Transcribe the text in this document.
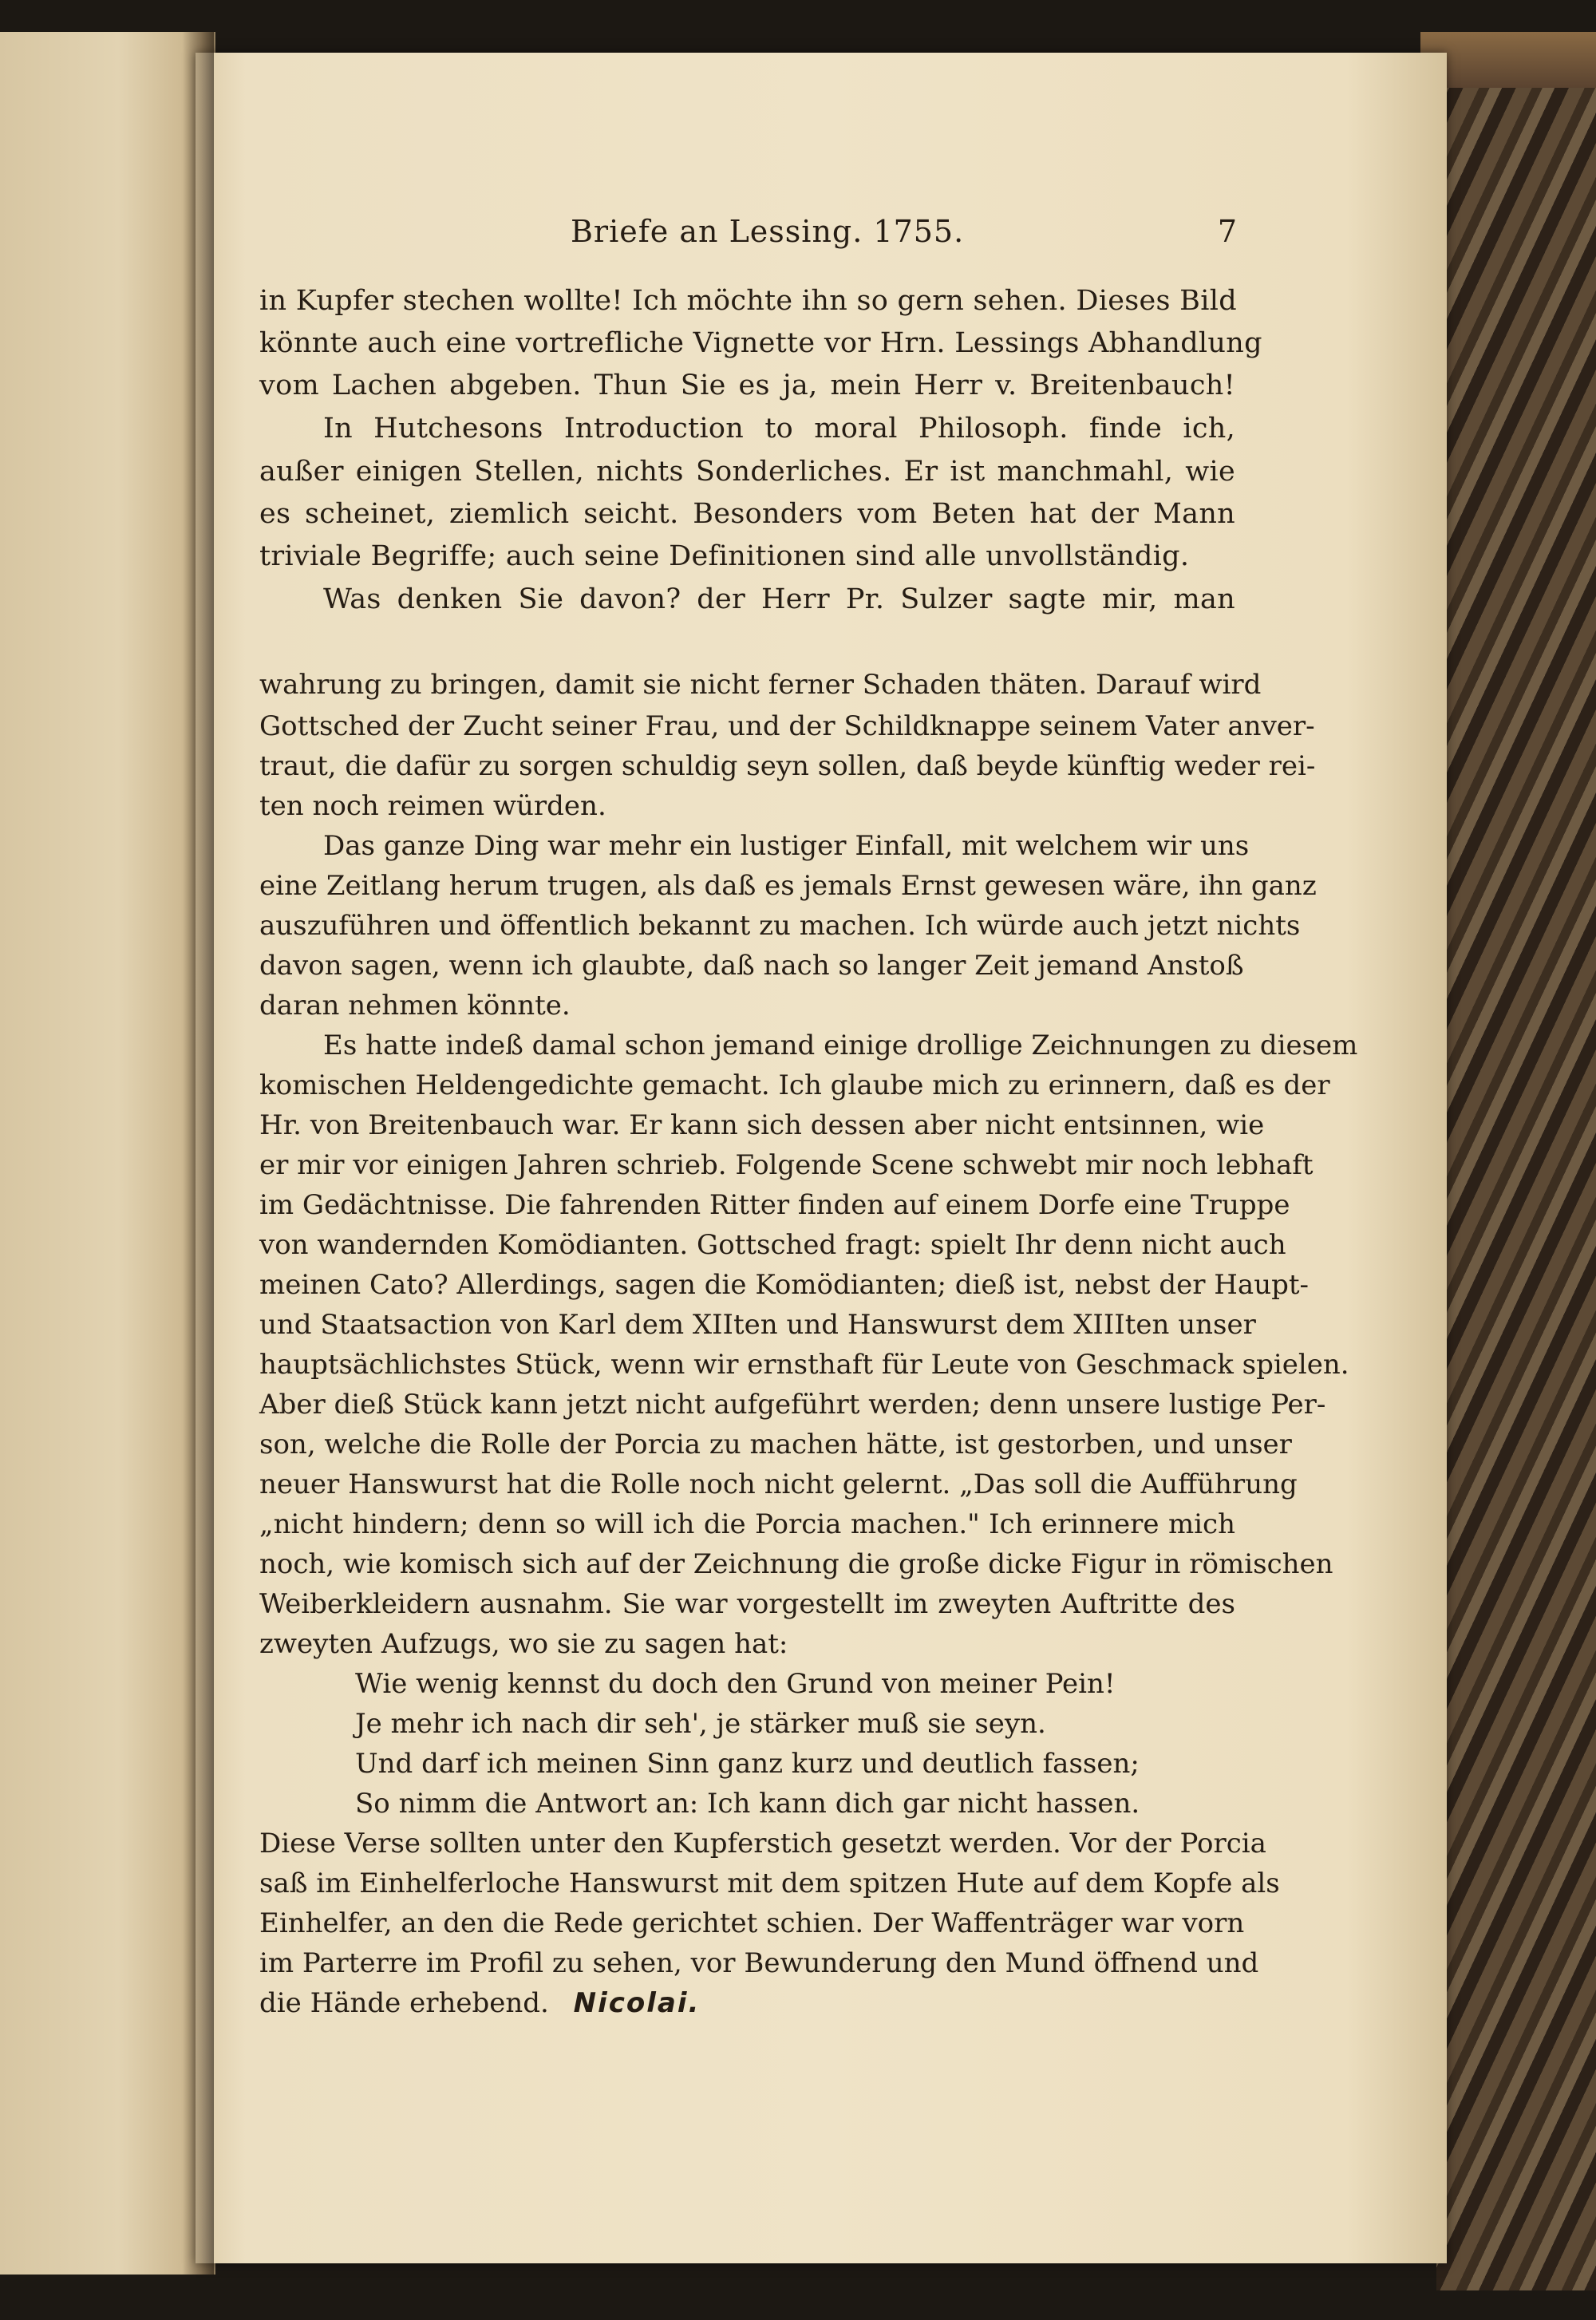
Briefe an Lessing. 1755.	7
in Kupfer stechen wollte! Ich möchte ihn so gern sehen. Dieses Bild
könnte auch eine vortrefliche Vignette vor Hrn. Lessings Abhandlung
vom Lachen abgeben. Thun Sie es ja, mein Herr v. Breitenbauch!
In Hutchesons Introduction to moral Philosoph. finde ich,
außer einigen Stellen, nichts Sonderliches. Er ist manchmahl, wie
es scheinet, ziemlich seicht. Besonders vom Beten hat der Mann
triviale Begriffe; auch seine Definitionen sind alle unvollständig.
Was denken Sie davon? der Herr Pr. Sulzer sagte mir, man
wahrung zu bringen, damit sie nicht ferner Schaden thäten. Darauf wird
Gottsched der Zucht seiner Frau, und der Schildknappe seinem Vater anver-
traut, die dafür zu sorgen schuldig seyn sollen, daß beyde künftig weder rei-
ten noch reimen würden.
Das ganze Ding war mehr ein lustiger Einfall, mit welchem wir uns
eine Zeitlang herum trugen, als daß es jemals Ernst gewesen wäre, ihn ganz
auszuführen und öffentlich bekannt zu machen. Ich würde auch jetzt nichts
davon sagen, wenn ich glaubte, daß nach so langer Zeit jemand Anstoß
daran nehmen könnte.
Es hatte indeß damal schon jemand einige drollige Zeichnungen zu diesem
komischen Heldengedichte gemacht. Ich glaube mich zu erinnern, daß es der
Hr. von Breitenbauch war. Er kann sich dessen aber nicht entsinnen, wie
er mir vor einigen Jahren schrieb. Folgende Scene schwebt mir noch lebhaft
im Gedächtnisse. Die fahrenden Ritter finden auf einem Dorfe eine Truppe
von wandernden Komödianten. Gottsched fragt: spielt Ihr denn nicht auch
meinen Cato? Allerdings, sagen die Komödianten; dieß ist, nebst der Haupt-
und Staatsaction von Karl dem XIIten und Hanswurst dem XIIIten unser
hauptsächlichstes Stück, wenn wir ernsthaft für Leute von Geschmack spielen.
Aber dieß Stück kann jetzt nicht aufgeführt werden; denn unsere lustige Per-
son, welche die Rolle der Porcia zu machen hätte, ist gestorben, und unser
neuer Hanswurst hat die Rolle noch nicht gelernt. „Das soll die Aufführung
„nicht hindern; denn so will ich die Porcia machen." Ich erinnere mich
noch, wie komisch sich auf der Zeichnung die große dicke Figur in römischen
Weiberkleidern ausnahm. Sie war vorgestellt im zweyten Auftritte des
zweyten Aufzugs, wo sie zu sagen hat:
Wie wenig kennst du doch den Grund von meiner Pein!
Je mehr ich nach dir seh', je stärker muß sie seyn.
Und darf ich meinen Sinn ganz kurz und deutlich fassen;
So nimm die Antwort an: Ich kann dich gar nicht hassen.
Diese Verse sollten unter den Kupferstich gesetzt werden. Vor der Porcia
saß im Einhelferloche Hanswurst mit dem spitzen Hute auf dem Kopfe als
Einhelfer, an den die Rede gerichtet schien. Der Waffenträger war vorn
im Parterre im Profil zu sehen, vor Bewunderung den Mund öffnend und
die Hände erhebend. Nicolai.
